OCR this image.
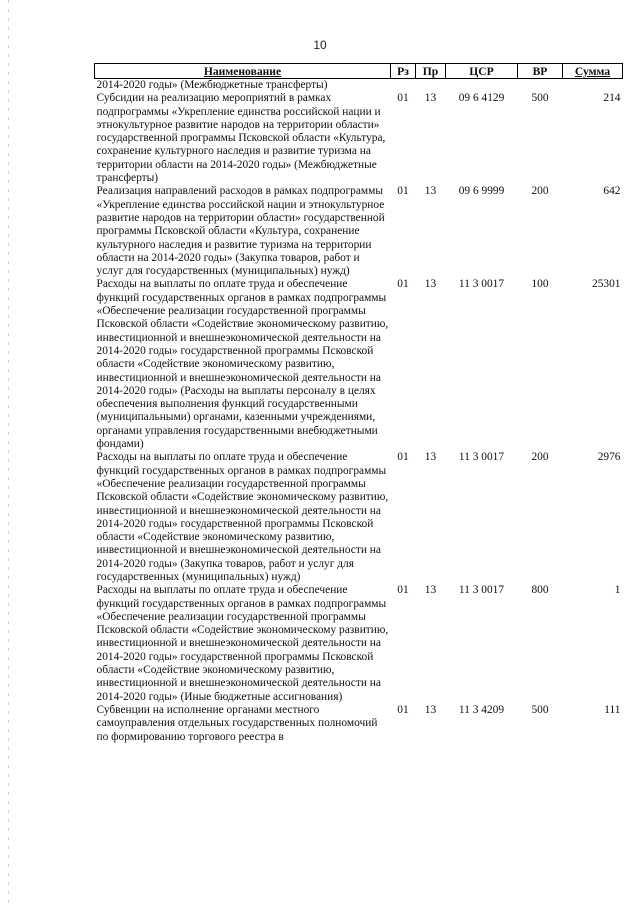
10
Наименование	Рз	Пр	ЦСР	ВР	Сумма
2014-2020 годы» (Межбюджетные трансферты)					
Субсидии на реализацию мероприятий в рамках подпрограммы «Укрепление единства российской нации и этнокультурное развитие народов на территории области» государственной программы Псковской области «Культура, сохранение культурного наследия и развитие туризма на территории области на 2014-2020 годы» (Межбюджетные трансферты)	01	13	09 6 4129	500	214
Реализация направлений расходов в рамках подпрограммы «Укрепление единства российской нации и этнокультурное развитие народов на территории области» государственной программы Псковской области «Культура, сохранение культурного наследия и развитие туризма на территории области на 2014-2020 годы» (Закупка товаров, работ и услуг для государственных (муниципальных) нужд)	01	13	09 6 9999	200	642
Расходы на выплаты по оплате труда и обеспечение функций государственных органов в рамках подпрограммы «Обеспечение реализации государственной программы Псковской области «Содействие экономическому развитию, инвестиционной и внешнеэкономической деятельности на 2014-2020 годы» государственной программы Псковской области «Содействие экономическому развитию, инвестиционной и внешнеэкономической деятельности на 2014-2020 годы» (Расходы на выплаты персоналу в целях обеспечения выполнения функций государственными (муниципальными) органами, казенными учреждениями, органами управления государственными внебюджетными фондами)	01	13	11 3 0017	100	25301
Расходы на выплаты по оплате труда и обеспечение функций государственных органов в рамках подпрограммы «Обеспечение реализации государственной программы Псковской области «Содействие экономическому развитию, инвестиционной и внешнеэкономической деятельности на 2014-2020 годы» государственной программы Псковской области «Содействие экономическому развитию, инвестиционной и внешнеэкономической деятельности на 2014-2020 годы» (Закупка товаров, работ и услуг для государственных (муниципальных) нужд)	01	13	11 3 0017	200	2976
Расходы на выплаты по оплате труда и обеспечение функций государственных органов в рамках подпрограммы «Обеспечение реализации государственной программы Псковской области «Содействие экономическому развитию, инвестиционной и внешнеэкономической деятельности на 2014-2020 годы» государственной программы Псковской области «Содействие экономическому развитию, инвестиционной и внешнеэкономической деятельности на 2014-2020 годы» (Иные бюджетные ассигнования)	01	13	11 3 0017	800	1
Субвенции на исполнение органами местного самоуправления отдельных государственных полномочий по формированию торгового реестра в	01	13	11 3 4209	500	111
